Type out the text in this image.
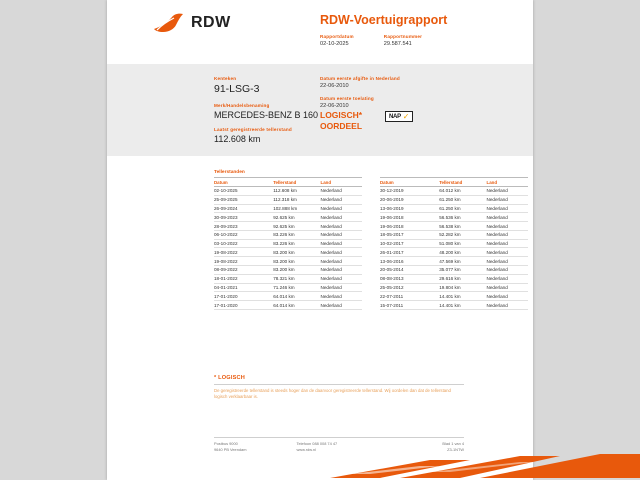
RDW	RDW-Voertuigrapport
Rapportdatum
02-10-2025
Rapportnummer
29.587.541
Kenteken
91-LSG-3
Merk/Handelsbenaming
MERCEDES-BENZ B 160
Laatst geregistreerde tellerstand
112.608 km
Datum eerste afgifte in Nederland
22-06-2010
Datum eerste toelating
22-06-2010
LOGISCH*
OORDEEL
NAP ✓
Tellerstanden
Datum	Tellerstand	Land
02-10-2025	112.608 km	Nederland
25-09-2025	112.318 km	Nederland
26-09-2024	102.888 km	Nederland
30-09-2023	92.625 km	Nederland
28-09-2023	92.625 km	Nederland
06-10-2022	83.226 km	Nederland
03-10-2022	83.226 km	Nederland
19-08-2022	83.200 km	Nederland
19-08-2022	83.200 km	Nederland
08-09-2022	83.200 km	Nederland
18-01-2022	78.321 km	Nederland
04-01-2021	71.246 km	Nederland
17-01-2020	64.014 km	Nederland
17-01-2020	64.014 km	Nederland
Datum	Tellerstand	Land
30-12-2019	64.012 km	Nederland
20-06-2019	61.250 km	Nederland
13-06-2019	61.250 km	Nederland
19-06-2018	56.536 km	Nederland
19-06-2018	56.538 km	Nederland
18-05-2017	52.282 km	Nederland
10-02-2017	51.080 km	Nederland
26-01-2017	48.200 km	Nederland
13-06-2016	47.569 km	Nederland
20-05-2014	35.077 km	Nederland
08-08-2013	29.616 km	Nederland
25-05-2012	19.804 km	Nederland
22-07-2011	14.401 km	Nederland
15-07-2011	14.401 km	Nederland
* LOGISCH
De geregistreerde tellerstand is steeds hoger dan de daarvoor geregistreerde tellerstand. Wij oordelen dan dat de tellerstand logisch verklaarbaar is.
Postbus 9000	Telefoon 088 008 74 47	Blad 1 van 4
9640 PB Veendam	www.rdw.nl	Z3-1NTW
